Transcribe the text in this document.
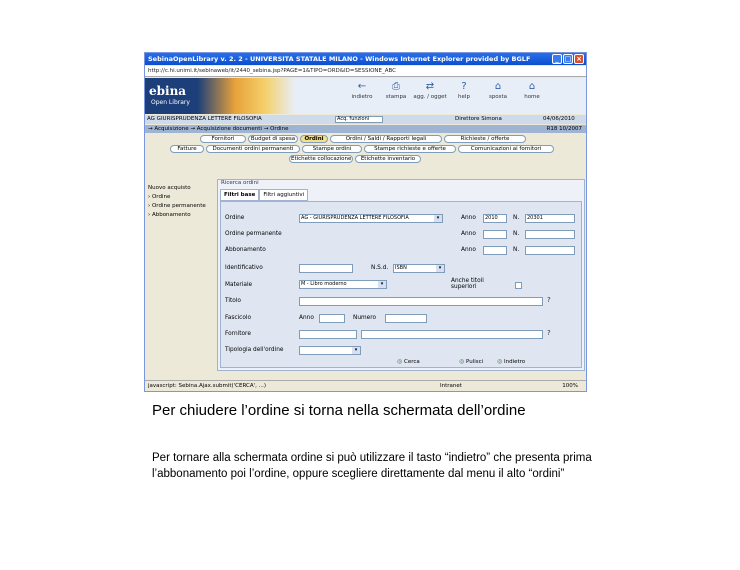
SebinaOpenLibrary v. 2. 2 - UNIVERSITA STATALE MILANO - Windows Internet Explorer provided by BGLF	_ □ ×
http://c.hi.unimi.it/sebinaweb/it/2440_sebina.jsp?PAGE=1&TIPO=ORD&ID=SESSIONE_ABC
ebina
Open Library
←
indietro
⎙
stampa
⇄
agg. / ogget
?
help
⌂
sposta
⌂
home
AG GIURISPRUDENZA LETTERE FILOSOFIA	Acq. funzioni	Direttore Simona	04/06/2010
→ Acquisizione → Acquisizione documenti → Ordine	R18 10/2007
Fornitori	Budget di spesa	Ordini	Ordini / Saldi / Rapporti legali	Richieste / offerte
Fatture	Documenti ordini permanenti	Stampe ordini	Stampe richieste e offerte	Comunicazioni ai fornitori
Etichette collocazione	Etichette inventario
Nuovo acquisto
› Ordine
› Ordine permanente
› Abbonamento
Ricerca ordini
Filtri base	Filtri aggiuntivi
Ordine	AG - GIURISPRUDENZA LETTERE FILOSOFIA	▾	Anno	2010	N.	20301
Ordine permanente	Anno	N.
Abbonamento	Anno	N.
Identificativo	N.S.d.	ISBN	▾
Materiale	M - Libro moderno	▾	Anche titoli superiori
Titolo	?
Fascicolo	Anno	Numero
Fornitore	?
Tipologia dell'ordine	▾
◎ Cerca	◎ Pulisci ◎ Indietro
javascript: Sebina.Ajax.submit('CERCA', ...)	Intranet	100%
Per chiudere l’ordine si torna nella schermata dell’ordine
Per tornare alla schermata ordine si può utilizzare il tasto “indietro” che presenta prima l’abbonamento poi l’ordine, oppure scegliere direttamente dal menu il alto “ordini”
